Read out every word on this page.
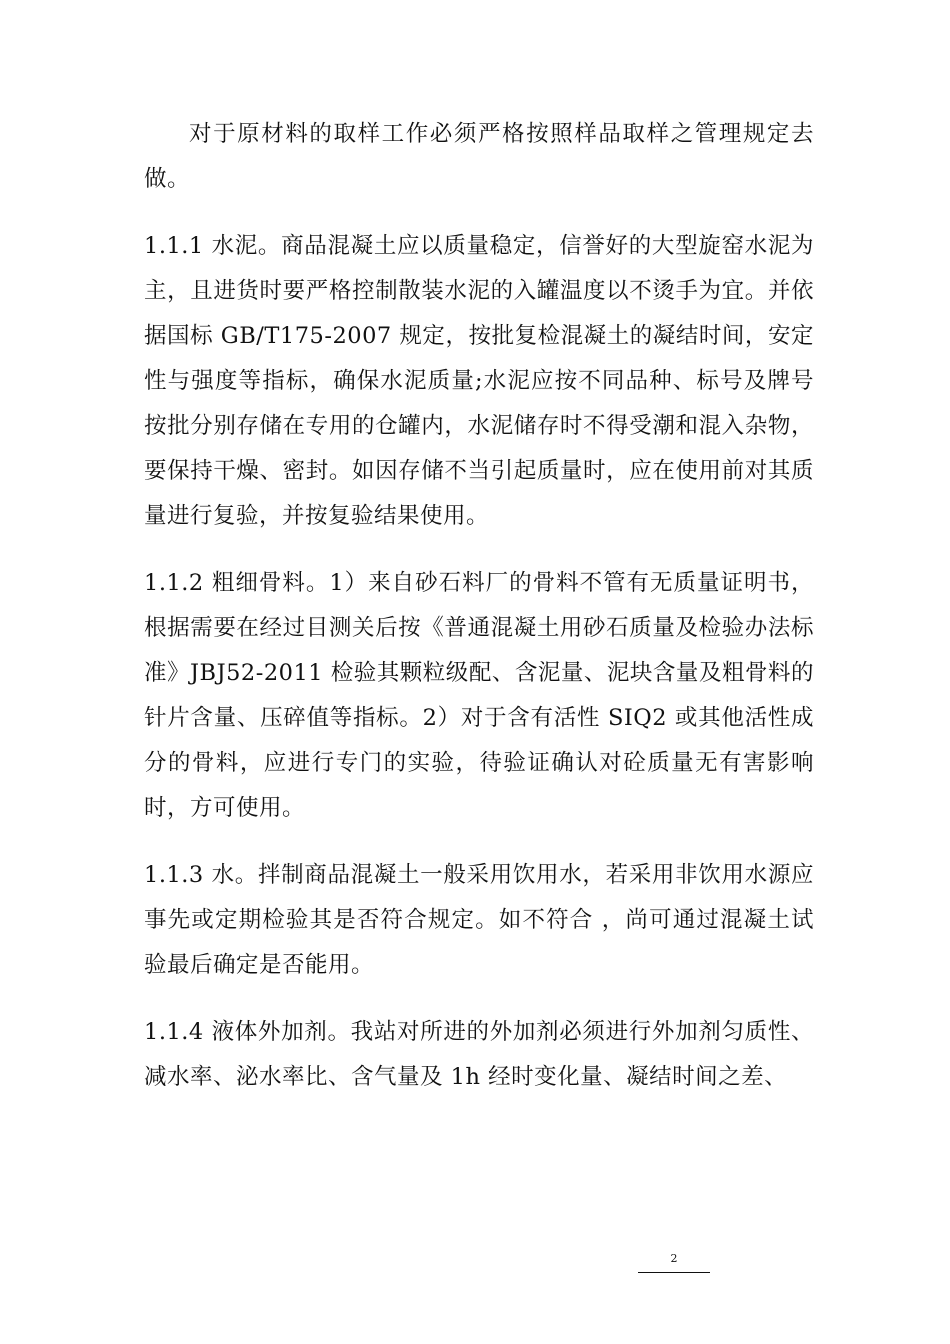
对于原材料的取样工作必须严格按照样品取样之管理规定去做。

1.1.1 水泥。商品混凝土应以质量稳定，信誉好的大型旋窑水泥为主，且进货时要严格控制散装水泥的入罐温度以不烫手为宜。并依据国标 GB/T175-2007 规定，按批复检混凝土的凝结时间，安定性与强度等指标，确保水泥质量;水泥应按不同品种、标号及牌号按批分别存储在专用的仓罐内，水泥储存时不得受潮和混入杂物，要保持干燥、密封。如因存储不当引起质量时，应在使用前对其质量进行复验，并按复验结果使用。

1.1.2 粗细骨料。1）来自砂石料厂的骨料不管有无质量证明书，根据需要在经过目测关后按《普通混凝土用砂石质量及检验办法标准》JBJ52-2011 检验其颗粒级配、含泥量、泥块含量及粗骨料的针片含量、压碎值等指标。2）对于含有活性 SIQ2 或其他活性成分的骨料，应进行专门的实验，待验证确认对砼质量无有害影响时，方可使用。

1.1.3 水。拌制商品混凝土一般采用饮用水，若采用非饮用水源应事先或定期检验其是否符合规定。如不符合 ，尚可通过混凝土试验最后确定是否能用。

1.1.4 液体外加剂。我站对所进的外加剂必须进行外加剂匀质性、减水率、泌水率比、含气量及 1h 经时变化量、凝结时间之差、

2
